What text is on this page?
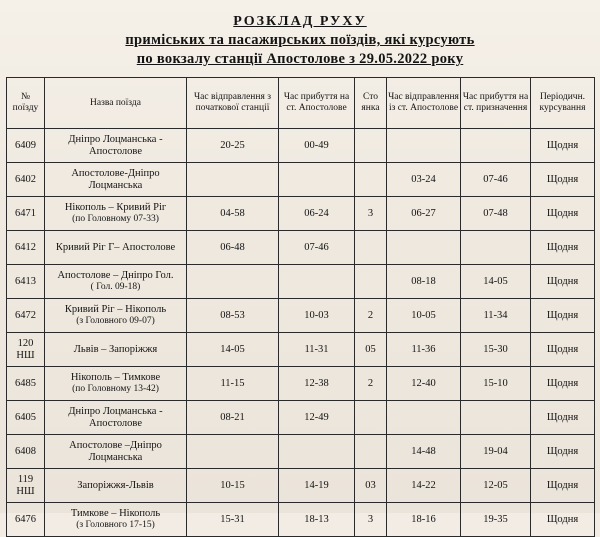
РОЗКЛАД РУХУ
приміських та пасажирських поїздів, які курсують
по вокзалу станції Апостолове з 29.05.2022 року
№ поїзду	Назва поїзда	Час відправлення з початкової станції	Час прибуття на ст. Апостолове	Сто янка	Час відправлення із ст. Апостолове	Час прибуття на ст. призначення	Періодичн. курсування
6409	Дніпро Лоцманська - Апостолове	20-25	00-49				Щодня
6402	Апостолове-Дніпро Лоцманська				03-24	07-46	Щодня
6471	Нікополь – Кривий Ріг
(по Головному 07-33)	04-58	06-24	3	06-27	07-48	Щодня
6412	Кривий Ріг Г– Апостолове	06-48	07-46				Щодня
6413	Апостолове – Дніпро Гол.
( Гол. 09-18)				08-18	14-05	Щодня
6472	Кривий Ріг – Нікополь
(з Головного 09-07)	08-53	10-03	2	10-05	11-34	Щодня
120 НШ	Львів – Запоріжжя	14-05	11-31	05	11-36	15-30	Щодня
6485	Нікополь – Тимкове
(по Головному 13-42)	11-15	12-38	2	12-40	15-10	Щодня
6405	Дніпро Лоцманська - Апостолове	08-21	12-49				Щодня
6408	Апостолове –Дніпро Лоцманська				14-48	19-04	Щодня
119 НШ	Запоріжжя-Львів	10-15	14-19	03	14-22	12-05	Щодня
6476	Тимкове – Нікополь
(з Головного 17-15)	15-31	18-13	3	18-16	19-35	Щодня
